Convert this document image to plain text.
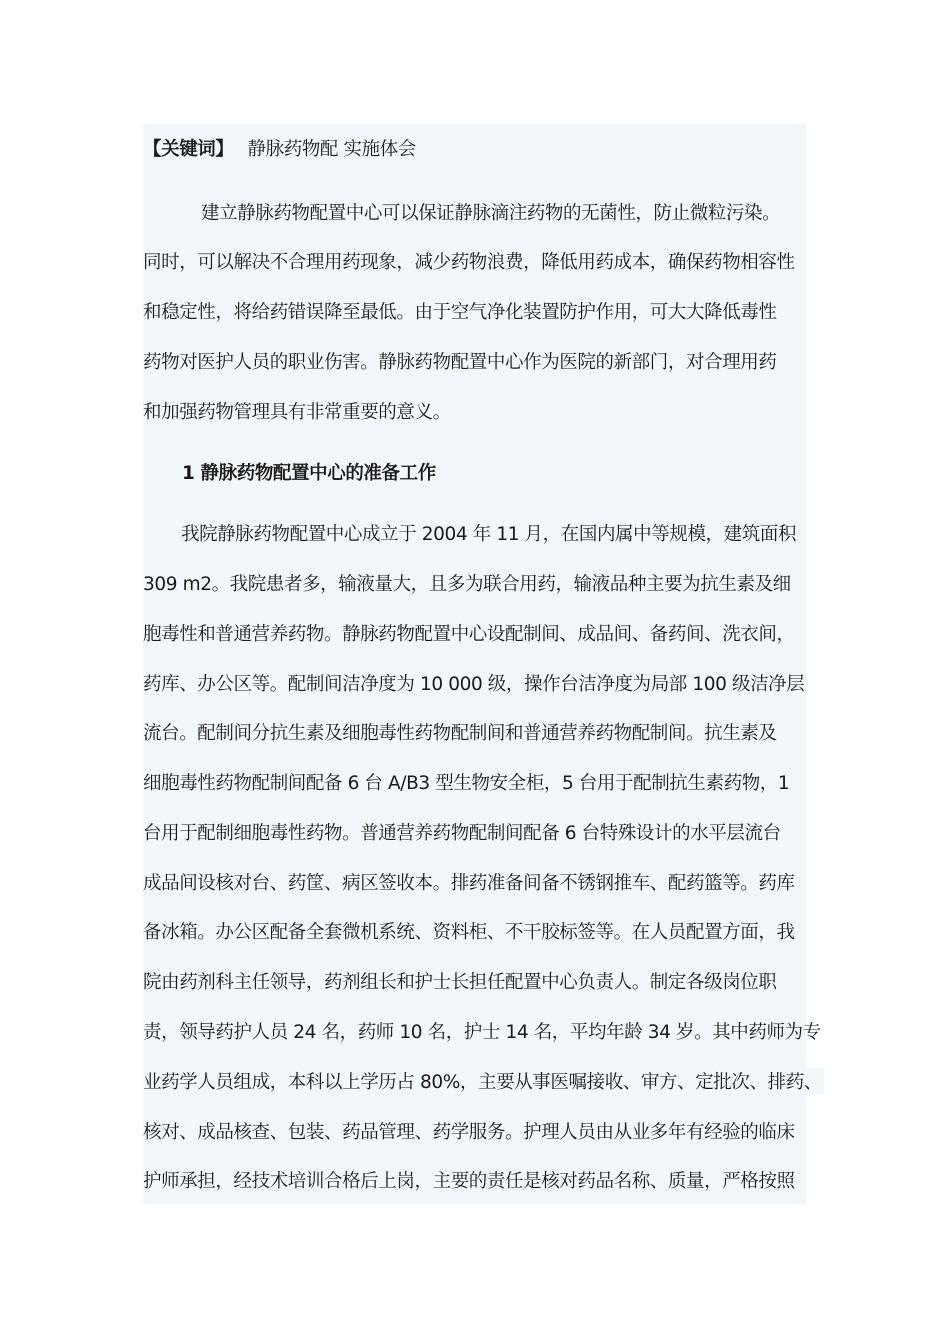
【关键词】 静脉药物配 实施体会
建立静脉药物配置中心可以保证静脉滴注药物的无菌性，防止微粒污染。
同时，可以解决不合理用药现象，减少药物浪费，降低用药成本，确保药物相容性
和稳定性，将给药错误降至最低。由于空气净化装置防护作用，可大大降低毒性
药物对医护人员的职业伤害。静脉药物配置中心作为医院的新部门，对合理用药
和加强药物管理具有非常重要的意义。
1 静脉药物配置中心的准备工作
我院静脉药物配置中心成立于 2004 年 11 月，在国内属中等规模，建筑面积
309 m2。我院患者多，输液量大，且多为联合用药，输液品种主要为抗生素及细
胞毒性和普通营养药物。静脉药物配置中心设配制间、成品间、备药间、洗衣间，
药库、办公区等。配制间洁净度为 10 000 级，操作台洁净度为局部 100 级洁净层
流台。配制间分抗生素及细胞毒性药物配制间和普通营养药物配制间。抗生素及
细胞毒性药物配制间配备 6 台 A/B3 型生物安全柜，5 台用于配制抗生素药物，1
台用于配制细胞毒性药物。普通营养药物配制间配备 6 台特殊设计的水平层流台
成品间设核对台、药筐、病区签收本。排药准备间备不锈钢推车、配药篮等。药库
备冰箱。办公区配备全套微机系统、资料柜、不干胶标签等。在人员配置方面，我
院由药剂科主任领导，药剂组长和护士长担任配置中心负责人。制定各级岗位职
责，领导药护人员 24 名，药师 10 名，护士 14 名，平均年龄 34 岁。其中药师为专
业药学人员组成，本科以上学历占 80%，主要从事医嘱接收、审方、定批次、排药、
核对、成品核查、包装、药品管理、药学服务。护理人员由从业多年有经验的临床
护师承担，经技术培训合格后上岗，主要的责任是核对药品名称、质量，严格按照
